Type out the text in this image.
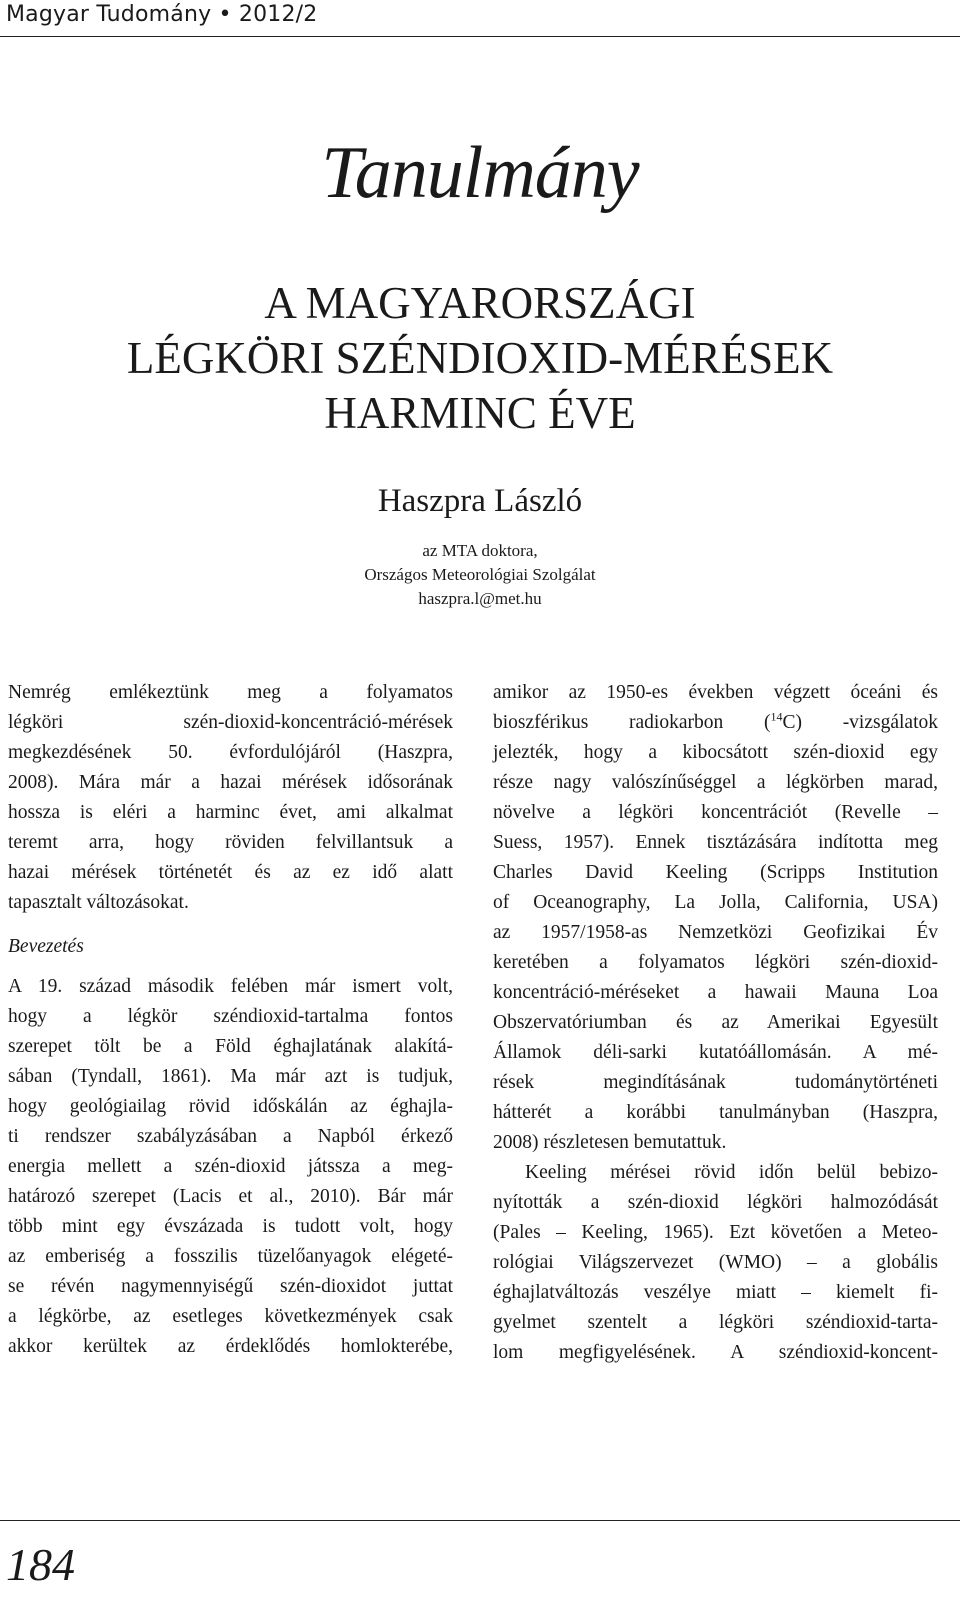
Magyar Tudomány • 2012/2
Tanulmány
A MAGYARORSZÁGI
LÉGKÖRI SZÉNDIOXID-MÉRÉSEK
HARMINC ÉVE
Haszpra László
az MTA doktora,
Országos Meteorológiai Szolgálat
haszpra.l@met.hu
Nemrég emlékeztünk meg a folyamatos
légköri szén-dioxid-koncentráció-mérések
megkezdésének 50. évfordulójáról (Haszpra,
2008). Mára már a hazai mérések idősorának
hossza is eléri a harminc évet, ami alkalmat
teremt arra, hogy röviden felvillantsuk a
hazai mérések történetét és az ez idő alatt
tapasztalt változásokat.
Bevezetés
A 19. század második felében már ismert volt,
hogy a légkör széndioxid-tartalma fontos
szerepet tölt be a Föld éghajlatának alakítá-
sában (Tyndall, 1861). Ma már azt is tudjuk,
hogy geológiailag rövid időskálán az éghajla-
ti rendszer szabályzásában a Napból érkező
energia mellett a szén-dioxid játssza a meg-
határozó szerepet (Lacis et al., 2010). Bár már
több mint egy évszázada is tudott volt, hogy
az emberiség a fosszilis tüzelőanyagok elégeté-
se révén nagymennyiségű szén-dioxidot juttat
a légkörbe, az esetleges következmények csak
akkor kerültek az érdeklődés homlokterébe,
amikor az 1950-es években végzett óceáni és
bioszférikus radiokarbon ($^{14}$C) -vizsgálatok
jelezték, hogy a kibocsátott szén-dioxid egy
része nagy valószínűséggel a légkörben marad,
növelve a légköri koncentrációt (Revelle –
Suess, 1957). Ennek tisztázására indította meg
Charles David Keeling (Scripps Institution
of Oceanography, La Jolla, California, USA)
az 1957/1958-as Nemzetközi Geofizikai Év
keretében a folyamatos légköri szén-dioxid-
koncentráció-méréseket a hawaii Mauna Loa
Obszervatóriumban és az Amerikai Egyesült
Államok déli-sarki kutatóállomásán. A mé-
rések megindításának tudománytörténeti
hátterét a korábbi tanulmányban (Haszpra,
2008) részletesen bemutattuk.
Keeling mérései rövid időn belül bebizo-
nyították a szén-dioxid légköri halmozódását
(Pales – Keeling, 1965). Ezt követően a Meteo-
rológiai Világszervezet (WMO) – a globális
éghajlatváltozás veszélye miatt – kiemelt fi-
gyelmet szentelt a légköri széndioxid-tarta-
lom megfigyelésének. A széndioxid-koncent-
184
